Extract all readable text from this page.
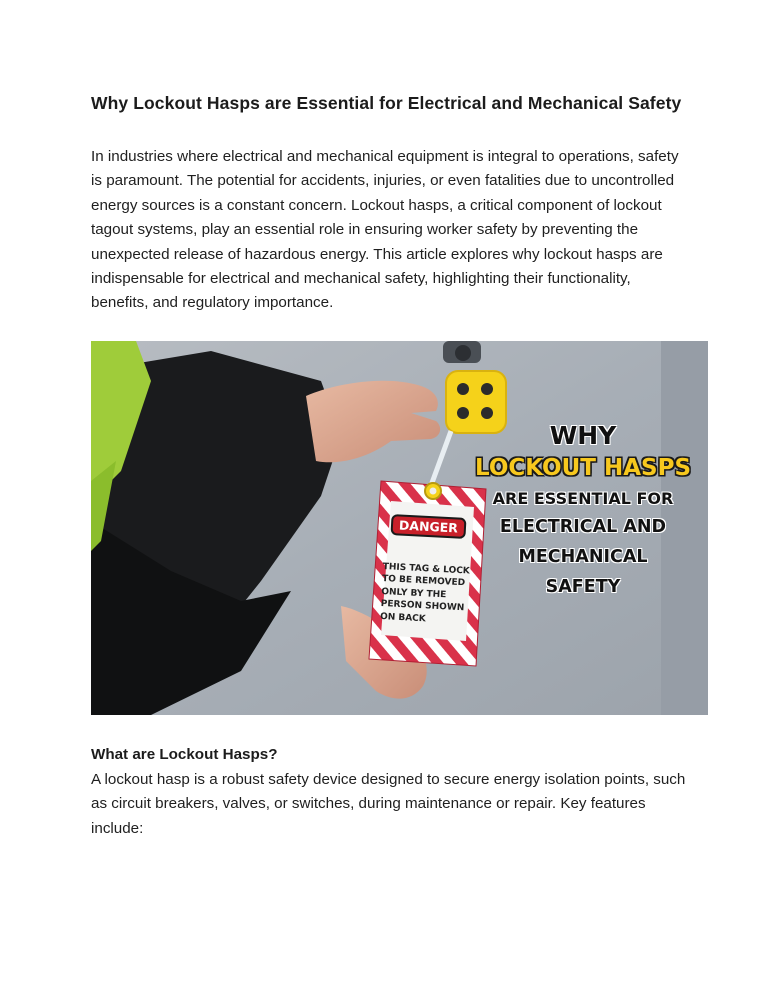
Why Lockout Hasps are Essential for Electrical and Mechanical Safety

In industries where electrical and mechanical equipment is integral to operations, safety is paramount. The potential for accidents, injuries, or even fatalities due to uncontrolled energy sources is a constant concern. Lockout hasps, a critical component of lockout tagout systems, play an essential role in ensuring worker safety by preventing the unexpected release of hazardous energy. This article explores why lockout hasps are indispensable for electrical and mechanical safety, highlighting their functionality, benefits, and regulatory importance.

DANGER
THIS TAG & LOCK
TO BE REMOVED
ONLY BY THE
PERSON SHOWN
ON BACK
WHY
LOCKOUT HASPS
ARE ESSENTIAL FOR
ELECTRICAL AND
MECHANICAL
SAFETY
What are Lockout Hasps?

A lockout hasp is a robust safety device designed to secure energy isolation points, such as circuit breakers, valves, or switches, during maintenance or repair. Key features include:
